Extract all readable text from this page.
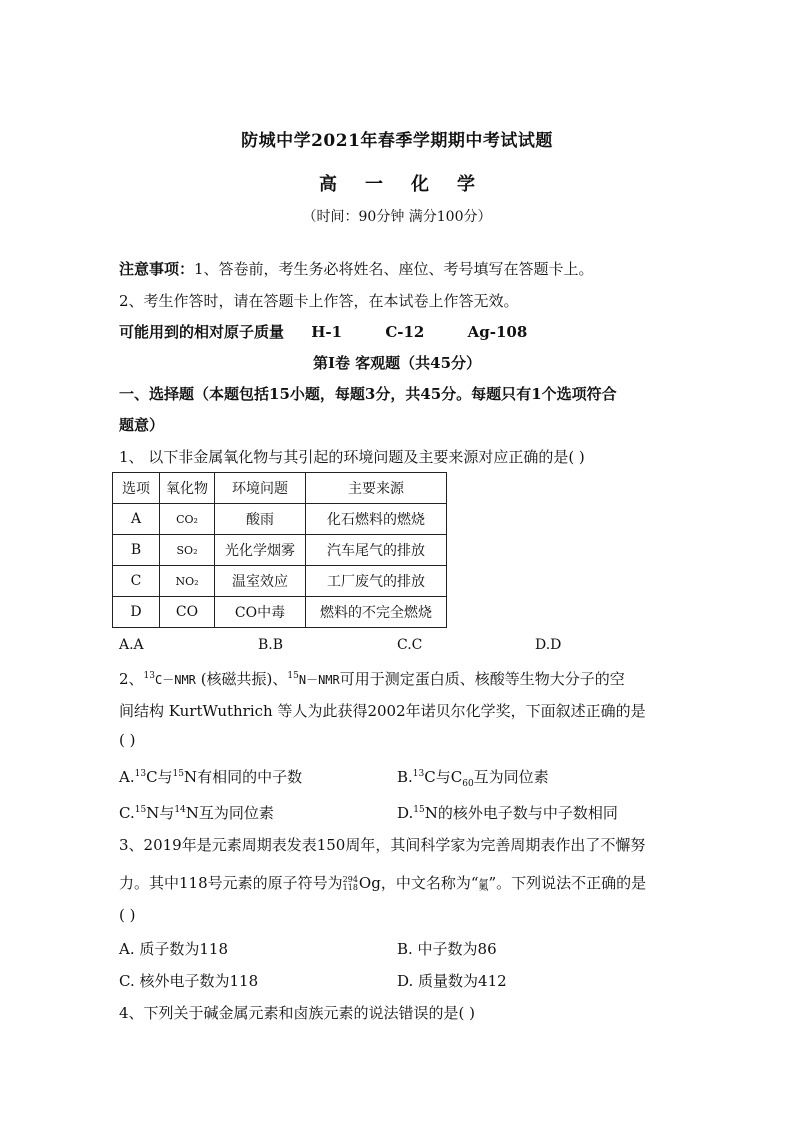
防城中学2021年春季学期期中考试试题
高 一 化 学
（时间：90分钟 满分100分）
注意事项：1、答卷前，考生务必将姓名、座位、考号填写在答题卡上。
2、考生作答时，请在答题卡上作答，在本试卷上作答无效。
可能用到的相对原子质量 H-1	C-12	Ag-108
第Ⅰ卷 客观题（共45分）
一、选择题（本题包括15小题，每题3分，共45分。每题只有1个选项符合
题意）
1、 以下非金属氧化物与其引起的环境问题及主要来源对应正确的是( )
选项	氧化物	环境问题	主要来源
A	CO₂	酸雨	化石燃料的燃烧
B	SO₂	光化学烟雾	汽车尾气的排放
C	NO₂	温室效应	工厂废气的排放
D	CO	CO中毒	燃料的不完全燃烧
A.A	B.B	C.C	D.D
2、$^{13}$C－NMR (核磁共振)、$^{15}$N－NMR可用于测定蛋白质、核酸等生物大分子的空
间结构 KurtWuthrich 等人为此获得2002年诺贝尔化学奖，下面叙述正确的是
( )
A.$^{13}$C与$^{15}$N有相同的中子数	B.$^{13}$C与$C_{60}$互为同位素
C.$^{15}$N与$^{14}$N互为同位素	D.$^{15}$N的核外电子数与中子数相同
3、2019年是元素周期表发表150周年，其间科学家为完善周期表作出了不懈努
力。其中118号元素的原子符号为294
118Og，中文名称为“鿫”。下列说法不正确的是
( )
A. 质子数为118	B. 中子数为86
C. 核外电子数为118	D. 质量数为412
4、下列关于碱金属元素和卤族元素的说法错误的是( )
